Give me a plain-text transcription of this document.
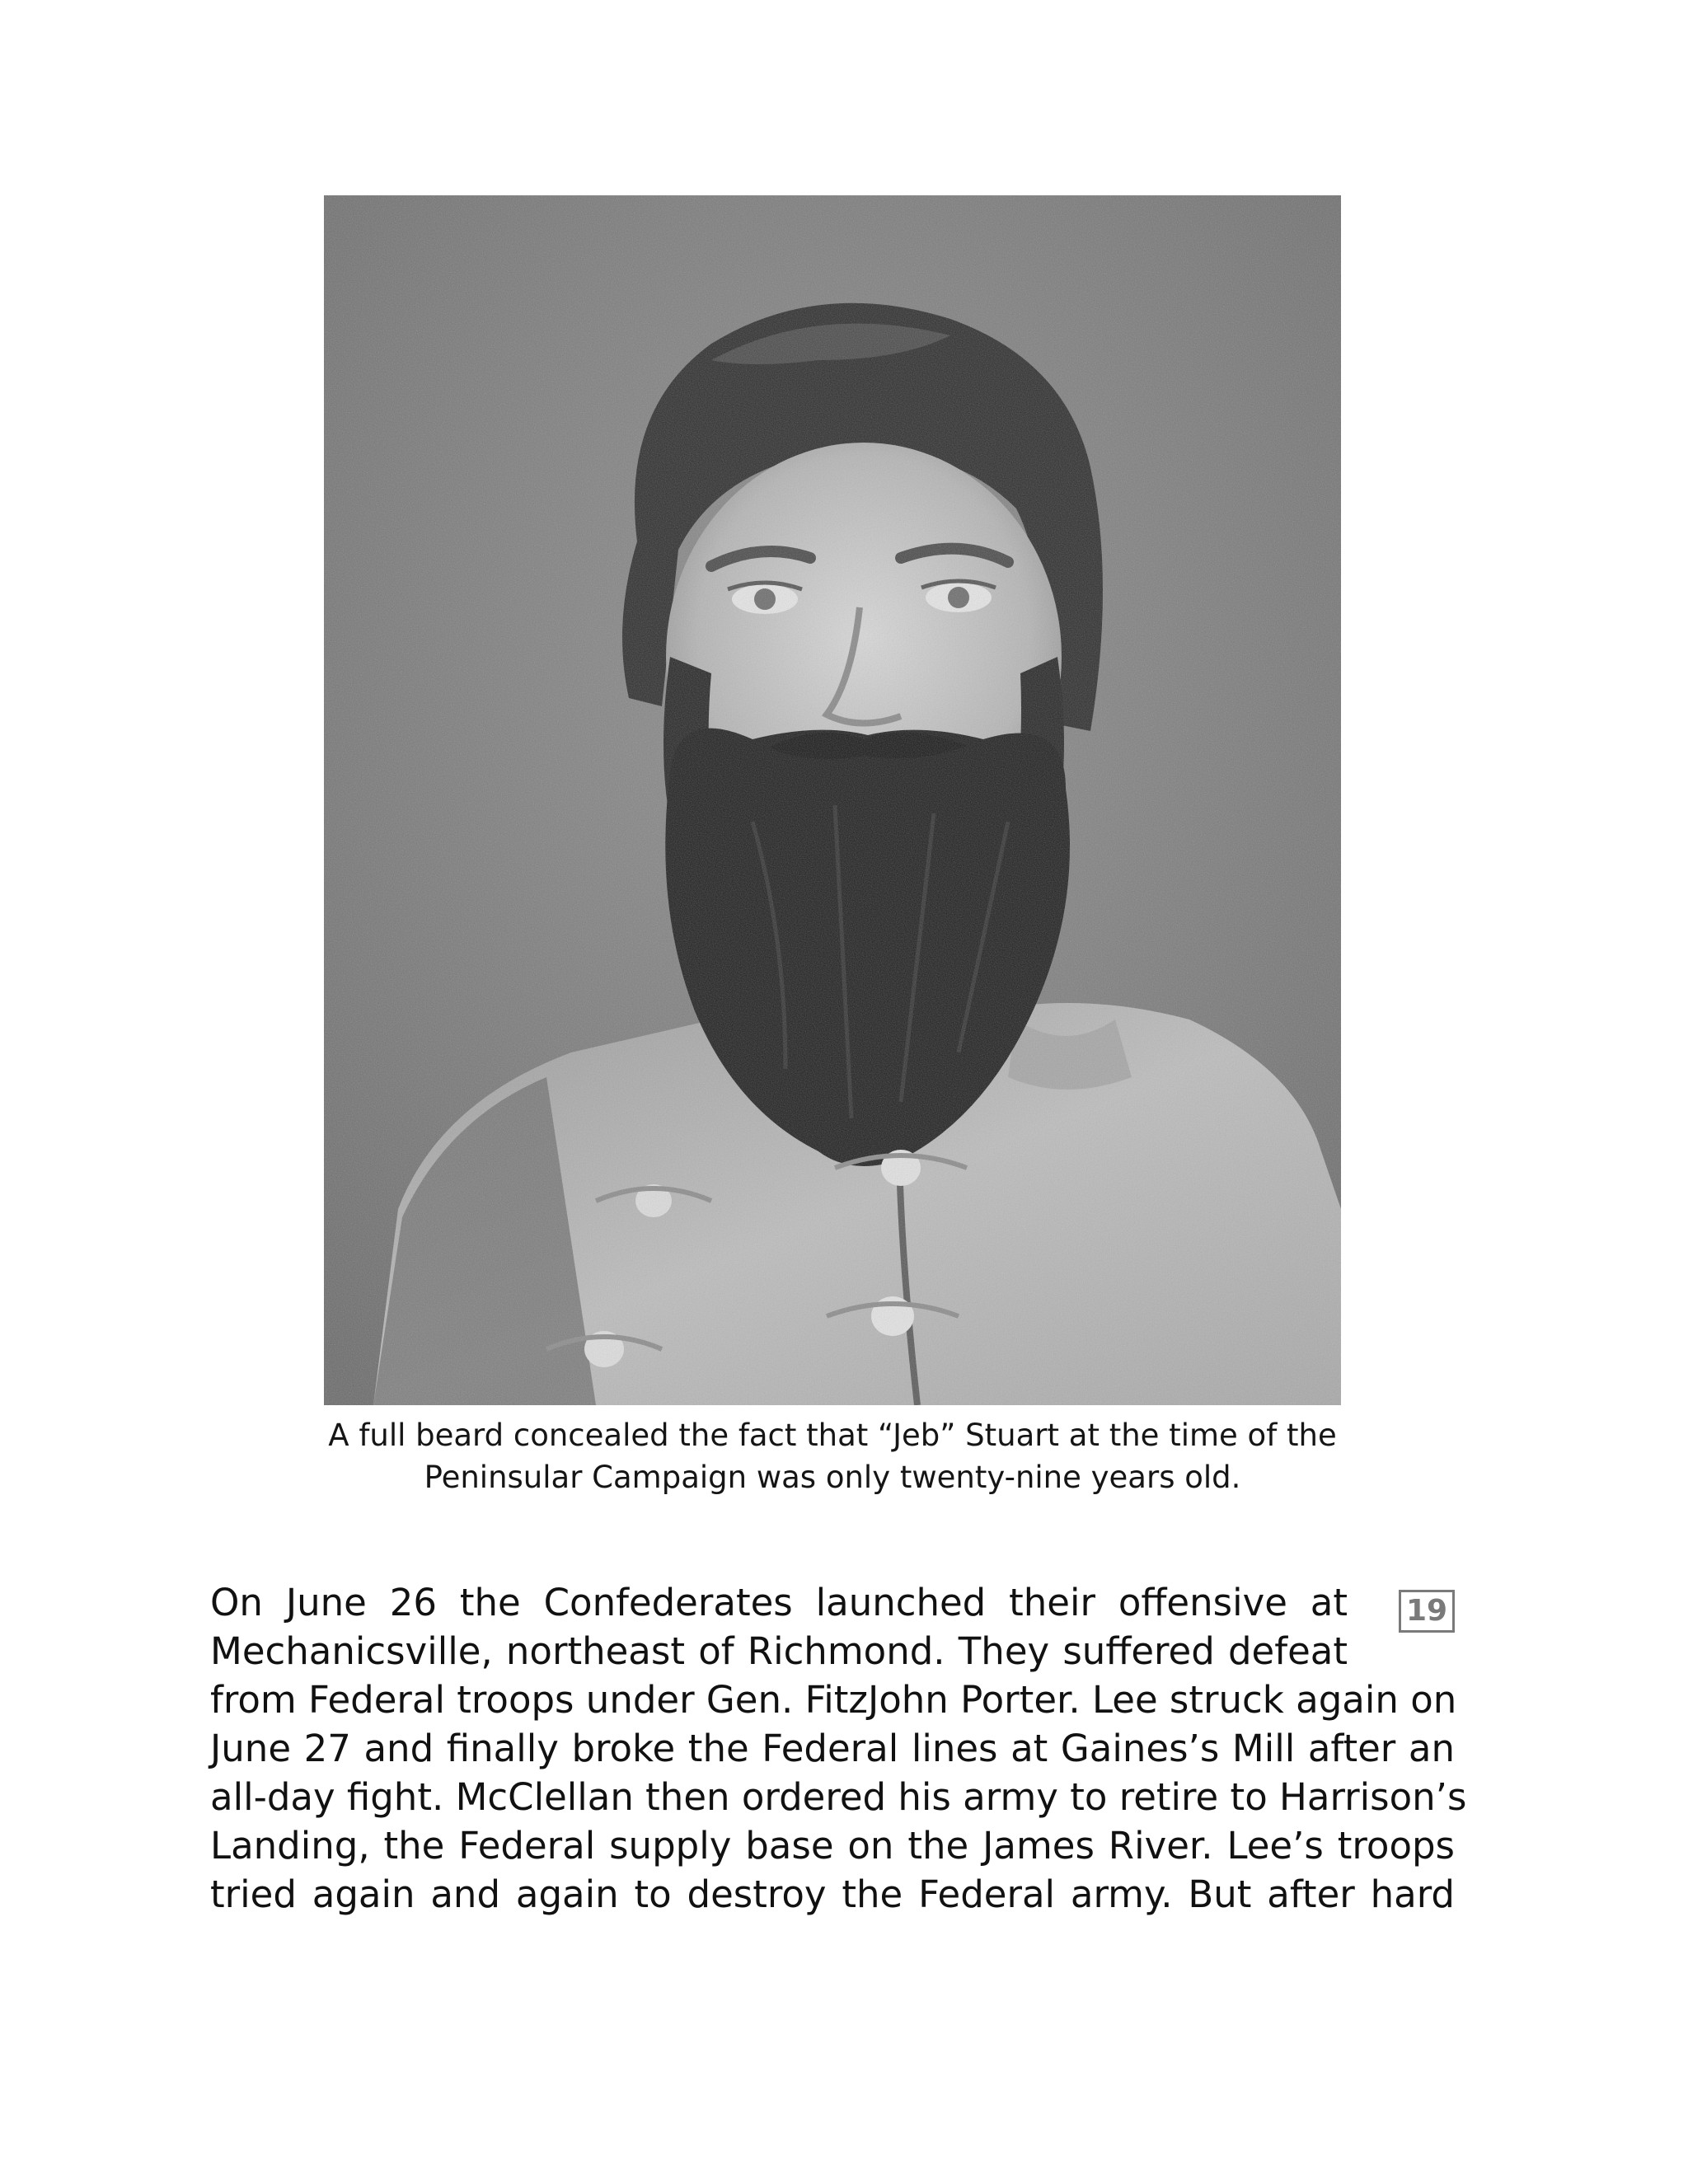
A full beard concealed the fact that “Jeb” Stuart at the time of the
Peninsular Campaign was only twenty-nine years old.
19
On June 26 the Confederates launched their offensive at
Mechanicsville, northeast of Richmond. They suffered defeat
from Federal troops under Gen. FitzJohn Porter. Lee struck again on
June 27 and finally broke the Federal lines at Gaines’s Mill after an
all-day fight. McClellan then ordered his army to retire to Harrison’s
Landing, the Federal supply base on the James River. Lee’s troops
tried again and again to destroy the Federal army. But after hard
